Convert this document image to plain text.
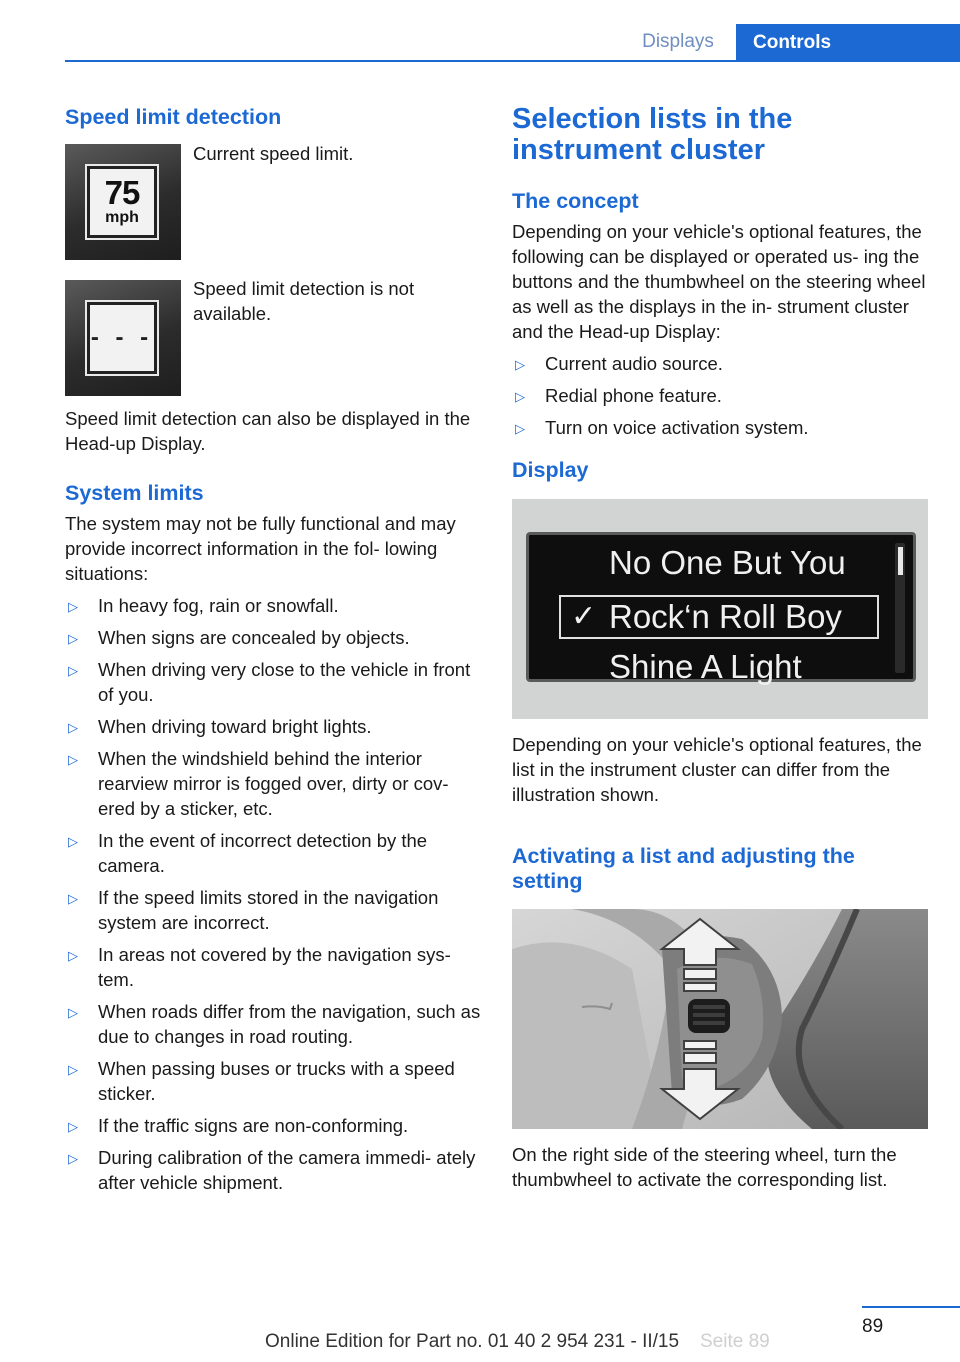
Displays	Controls
Speed limit detection
75
mph

Current speed limit.

- - -

Speed limit detection is not available.

Speed limit detection can also be displayed in the Head-up Display.

System limits

The system may not be fully functional and may provide incorrect information in the fol‐ lowing situations:

▷ In heavy fog, rain or snowfall.
▷ When signs are concealed by objects.
▷ When driving very close to the vehicle in front of you.
▷ When driving toward bright lights.
▷ When the windshield behind the interior rearview mirror is fogged over, dirty or cov‐ ered by a sticker, etc.
▷ In the event of incorrect detection by the camera.
▷ If the speed limits stored in the navigation system are incorrect.
▷ In areas not covered by the navigation sys‐ tem.
▷ When roads differ from the navigation, such as due to changes in road routing.
▷ When passing buses or trucks with a speed sticker.
▷ If the traffic signs are non-conforming.
▷ During calibration of the camera immedi‐ ately after vehicle shipment.
Selection lists in the instrument cluster
The concept

Depending on your vehicle's optional features, the following can be displayed or operated us‐ ing the buttons and the thumbwheel on the steering wheel as well as the displays in the in‐ strument cluster and the Head-up Display:

▷ Current audio source.
▷ Redial phone feature.
▷ Turn on voice activation system.
Display
No One But You
✓ Rock‘n Roll Boy
Shine A Light

Depending on your vehicle's optional features, the list in the instrument cluster can differ from the illustration shown.

Activating a list and adjusting the setting

On the right side of the steering wheel, turn the thumbwheel to activate the corresponding list.

89
Online Edition for Part no. 01 40 2 954 231 - II/15 Seite 89
